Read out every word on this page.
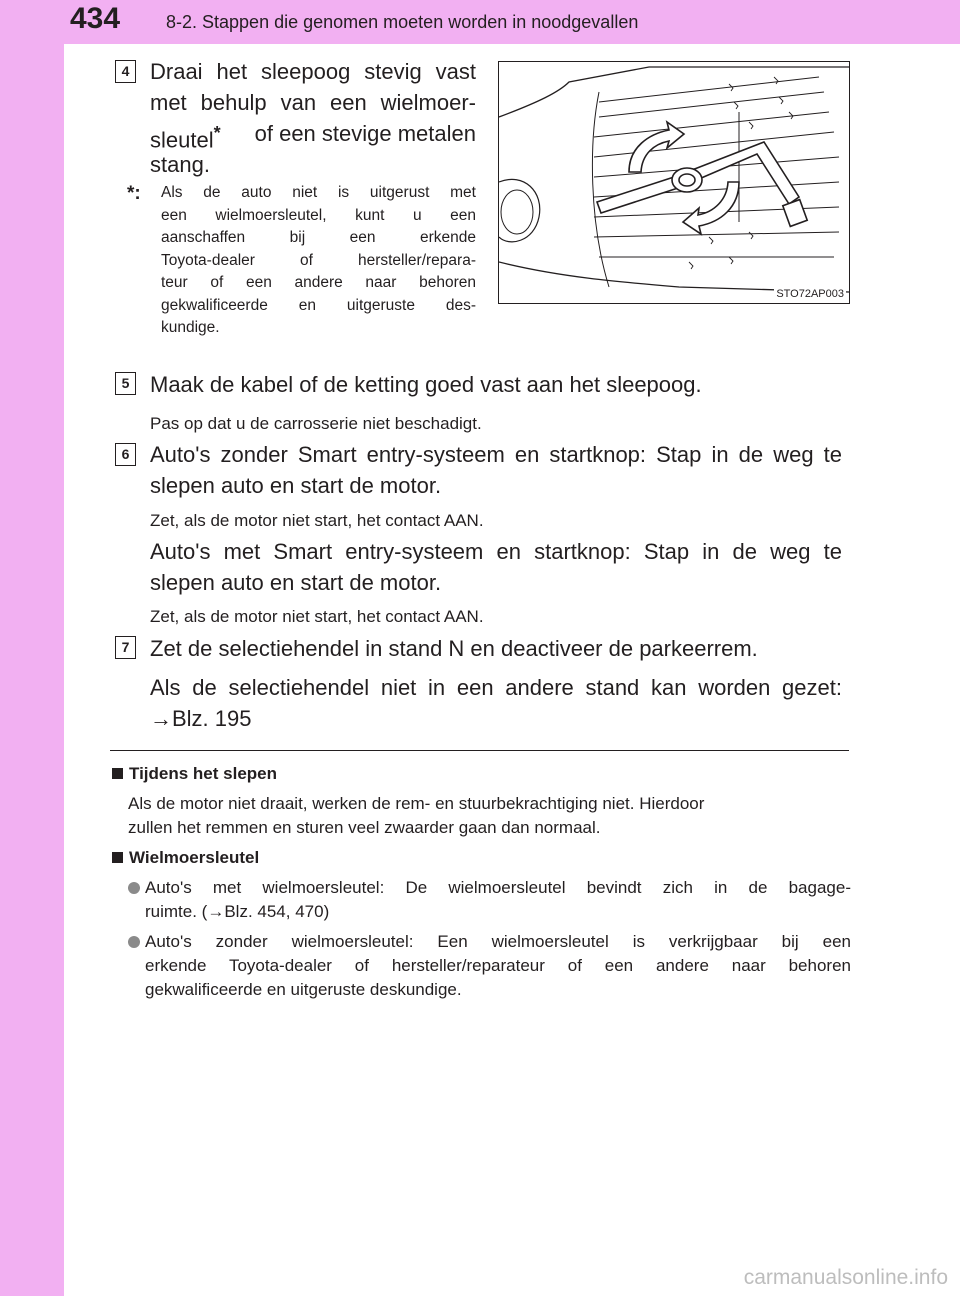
434	8-2. Stappen die genomen moeten worden in noodgevallen
4 Draai het sleepoog stevig vast
met behulp van een wielmoer-
sleutel* of een stevige metalen
stang.
*: Als de auto niet is uitgerust met
een wielmoersleutel, kunt u een
aanschaffen bij een erkende
Toyota-dealer of hersteller/repara-
teur of een andere naar behoren
gekwalificeerde en uitgeruste des-
kundige.
STO72AP003
5 Maak de kabel of de ketting goed vast aan het sleepoog.
Pas op dat u de carrosserie niet beschadigt.
6 Auto's zonder Smart entry-systeem en startknop: Stap in de weg te
slepen auto en start de motor.
Zet, als de motor niet start, het contact AAN.
Auto's met Smart entry-systeem en startknop: Stap in de weg te
slepen auto en start de motor.
Zet, als de motor niet start, het contact AAN.
7 Zet de selectiehendel in stand N en deactiveer de parkeerrem.
Als de selectiehendel niet in een andere stand kan worden gezet:
→Blz. 195
Tijdens het slepen
Als de motor niet draait, werken de rem- en stuurbekrachtiging niet. Hierdoor
zullen het remmen en sturen veel zwaarder gaan dan normaal.
Wielmoersleutel
Auto's met wielmoersleutel: De wielmoersleutel bevindt zich in de bagage-
ruimte. (→Blz. 454, 470)
Auto's zonder wielmoersleutel: Een wielmoersleutel is verkrijgbaar bij een
erkende Toyota-dealer of hersteller/reparateur of een andere naar behoren
gekwalificeerde en uitgeruste deskundige.
carmanualsonline.info
